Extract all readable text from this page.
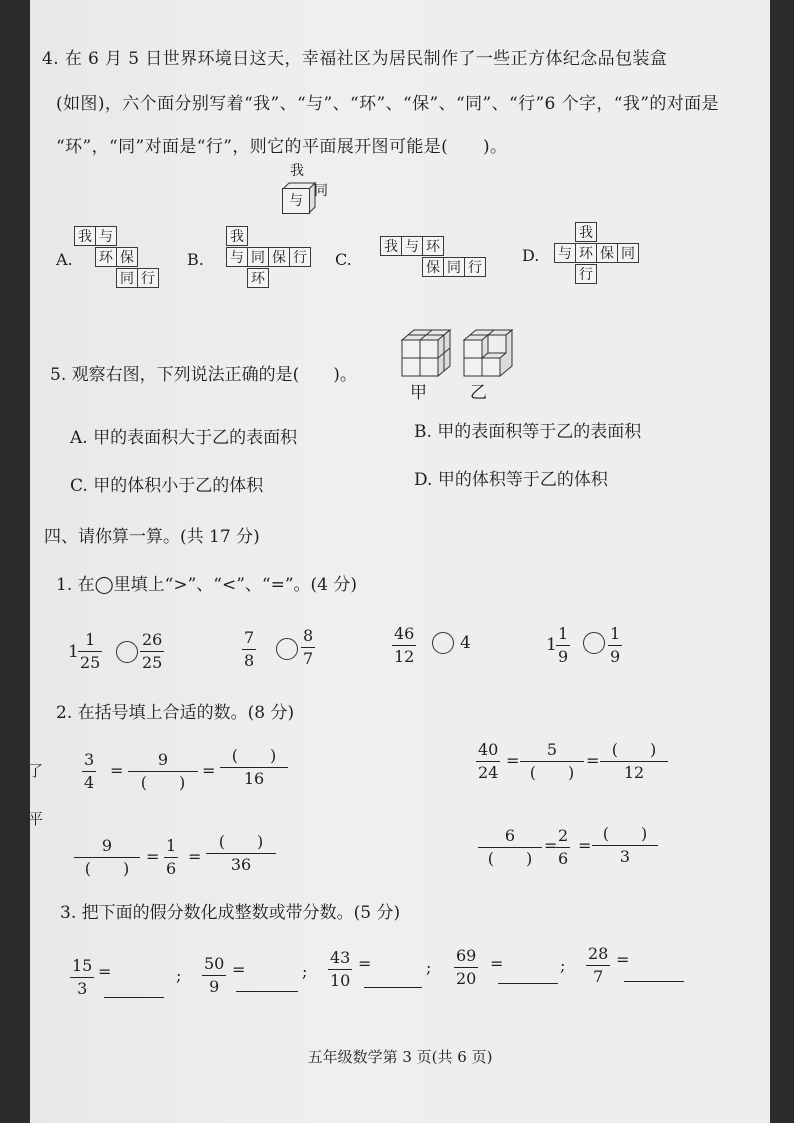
4. 在 6 月 5 日世界环境日这天，幸福社区为居民制作了一些正方体纪念品包装盒
(如图)，六个面分别写着“我”、“与”、“环”、“保”、“同”、“行”6 个字，“我”的对面是
“环”，“同”对面是“行”，则它的平面展开图可能是(　　)。
我
与
同
A.
我 与
环 保
同 行
B.
我
与 同 保 行
环
C.
我 与 环
保 同 行
D.
我
与 环 保 同
行
5. 观察右图，下列说法正确的是(　　)。
甲	乙
A. 甲的表面积大于乙的表面积	B. 甲的表面积等于乙的表面积
C. 甲的体积小于乙的体积	D. 甲的体积等于乙的体积
四、请你算一算。(共 17 分)
1. 在◯里填上“>”、“<”、“=”。(4 分)
1
1
25
26
25
7
8
8
7
46
12
4	1
1
9
1
9
2. 在括号填上合适的数。(8 分)
3
4
=
9
(　　)
=
(　　)
16
40
24
=
5
(　　)
=
(　　)
12
了
平
9
(　　)
=
1
6
=
(　　)
36
6
(　　)
=
2
6
=
(　　)
3
3. 把下面的假分数化成整数或带分数。(5 分)
15
3
=	;
50
9
=	;
43
10
=	;
69
20
=	;
28
7
=
五年级数学第 3 页(共 6 页)
